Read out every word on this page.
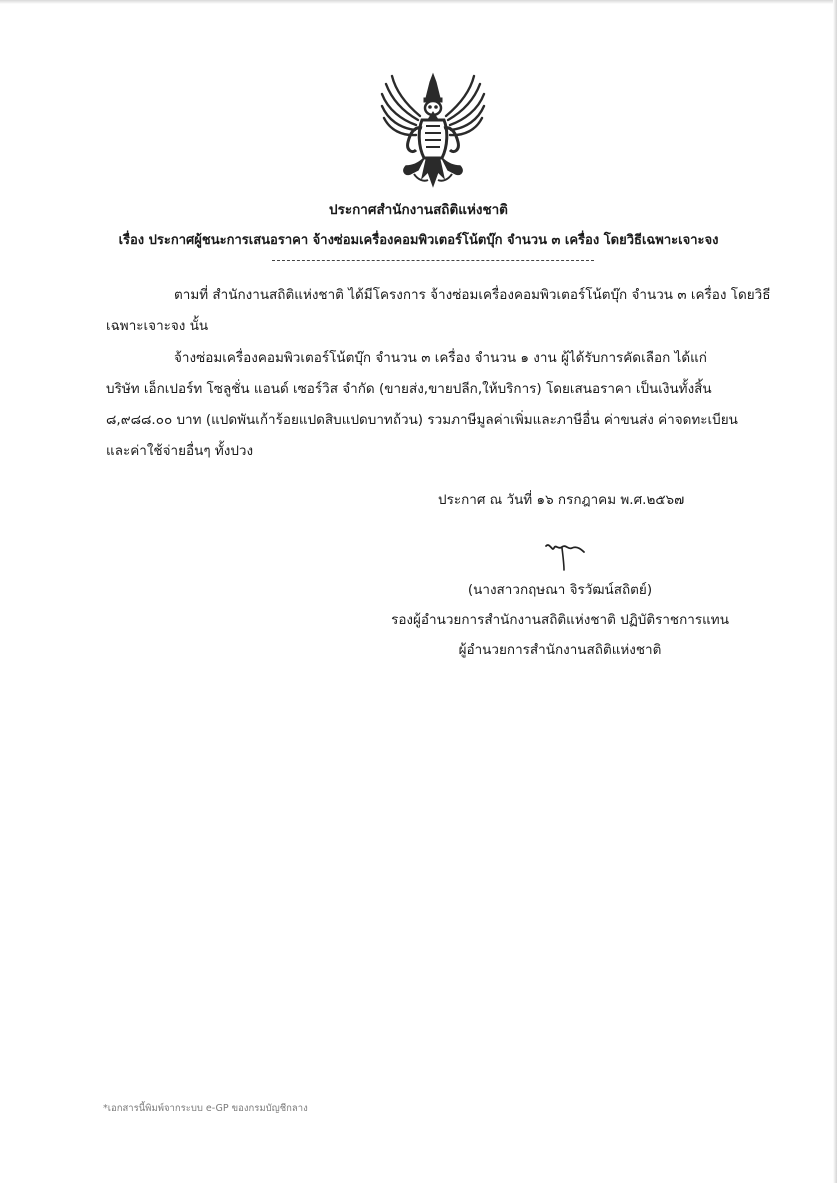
ประกาศสำนักงานสถิติแห่งชาติ
เรื่อง ประกาศผู้ชนะการเสนอราคา จ้างซ่อมเครื่องคอมพิวเตอร์โน้ตบุ๊ก จำนวน ๓ เครื่อง โดยวิธีเฉพาะเจาะจง
ตามที่ สำนักงานสถิติแห่งชาติ ได้มีโครงการ จ้างซ่อมเครื่องคอมพิวเตอร์โน้ตบุ๊ก จำนวน ๓ เครื่อง โดยวิธี
เฉพาะเจาะจง นั้น
จ้างซ่อมเครื่องคอมพิวเตอร์โน้ตบุ๊ก จำนวน ๓ เครื่อง จำนวน ๑ งาน ผู้ได้รับการคัดเลือก ได้แก่
บริษัท เอ็กเปอร์ท โซลูชั่น แอนด์ เซอร์วิส จำกัด (ขายส่ง,ขายปลีก,ให้บริการ) โดยเสนอราคา เป็นเงินทั้งสิ้น
๘,๙๘๘.๐๐ บาท (แปดพันเก้าร้อยแปดสิบแปดบาทถ้วน) รวมภาษีมูลค่าเพิ่มและภาษีอื่น ค่าขนส่ง ค่าจดทะเบียน
และค่าใช้จ่ายอื่นๆ ทั้งปวง
ประกาศ ณ วันที่ ๑๖ กรกฎาคม พ.ศ.๒๕๖๗
(นางสาวกฤษณา จิรวัฒน์สถิตย์)
รองผู้อำนวยการสำนักงานสถิติแห่งชาติ ปฏิบัติราชการแทน
ผู้อำนวยการสำนักงานสถิติแห่งชาติ
*เอกสารนี้พิมพ์จากระบบ e-GP ของกรมบัญชีกลาง
